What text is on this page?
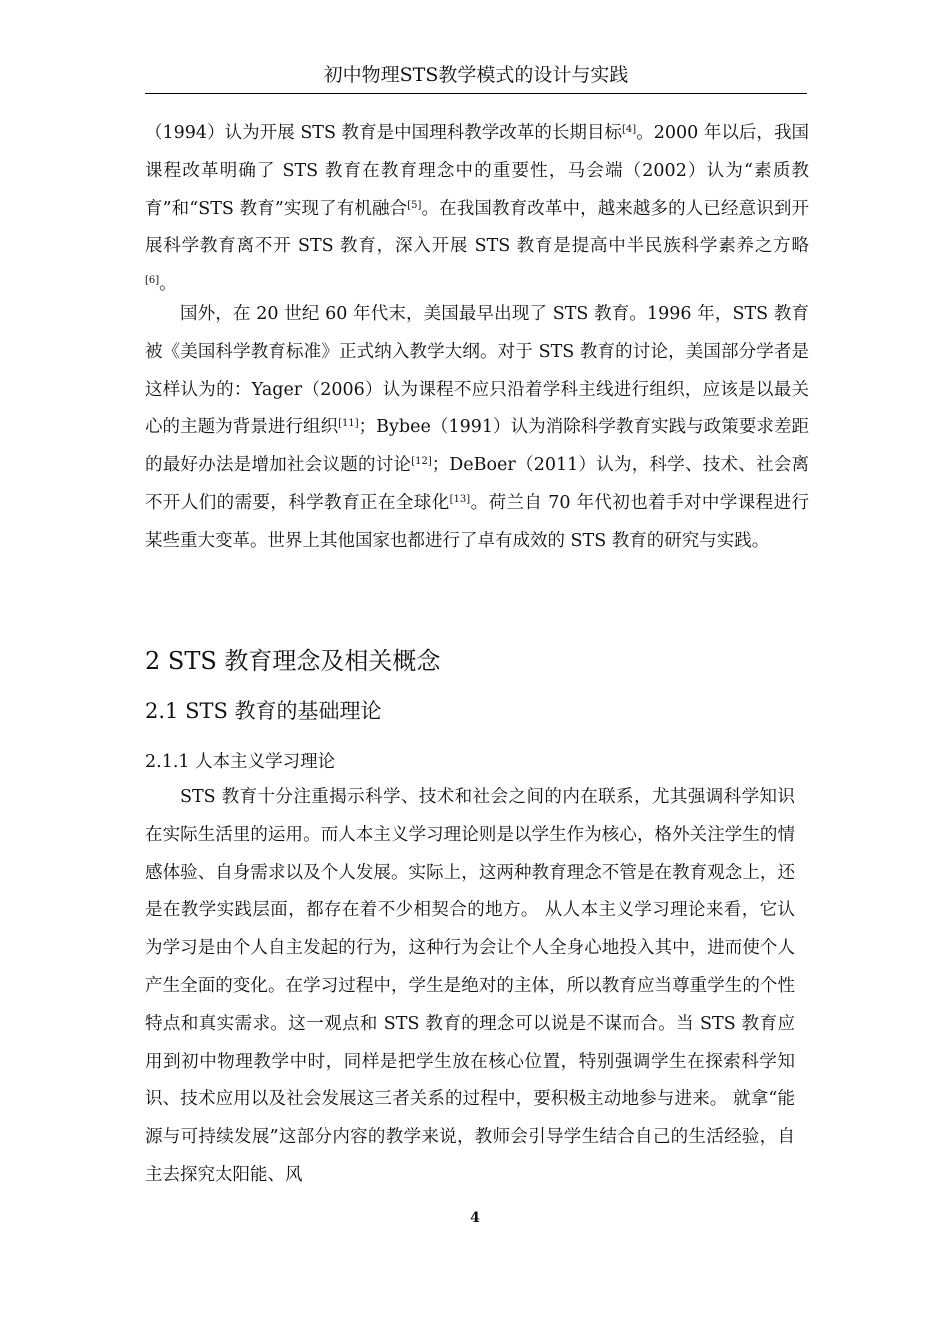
初中物理STS教学模式的设计与实践

（1994）认为开展 STS 教育是中国理科教学改革的长期目标[4]。2000 年以后，我国课程改革明确了 STS 教育在教育理念中的重要性，马会端（2002）认为“素质教育”和“STS 教育”实现了有机融合[5]。在我国教育改革中，越来越多的人已经意识到开展科学教育离不开 STS 教育，深入开展 STS 教育是提高中半民族科学素养之方略[6]。

国外，在 20 世纪 60 年代末，美国最早出现了 STS 教育。1996 年，STS 教育被《美国科学教育标准》正式纳入教学大纲。对于 STS 教育的讨论，美国部分学者是这样认为的：Yager（2006）认为课程不应只沿着学科主线进行组织，应该是以最关心的主题为背景进行组织[11]；Bybee（1991）认为消除科学教育实践与政策要求差距的最好办法是增加社会议题的讨论[12]；DeBoer（2011）认为，科学、技术、社会离不开人们的需要，科学教育正在全球化[13]。荷兰自 70 年代初也着手对中学课程进行某些重大变革。世界上其他国家也都进行了卓有成效的 STS 教育的研究与实践。

2 STS 教育理念及相关概念
2.1 STS 教育的基础理论
2.1.1 人本主义学习理论

STS 教育十分注重揭示科学、技术和社会之间的内在联系，尤其强调科学知识在实际生活里的运用。而人本主义学习理论则是以学生作为核心，格外关注学生的情感体验、自身需求以及个人发展。实际上，这两种教育理念不管是在教育观念上，还是在教学实践层面，都存在着不少相契合的地方。 从人本主义学习理论来看，它认为学习是由个人自主发起的行为，这种行为会让个人全身心地投入其中，进而使个人产生全面的变化。在学习过程中，学生是绝对的主体，所以教育应当尊重学生的个性特点和真实需求。这一观点和 STS 教育的理念可以说是不谋而合。当 STS 教育应用到初中物理教学中时，同样是把学生放在核心位置，特别强调学生在探索科学知识、技术应用以及社会发展这三者关系的过程中，要积极主动地参与进来。 就拿“能源与可持续发展”这部分内容的教学来说，教师会引导学生结合自己的生活经验，自主去探究太阳能、风

4
